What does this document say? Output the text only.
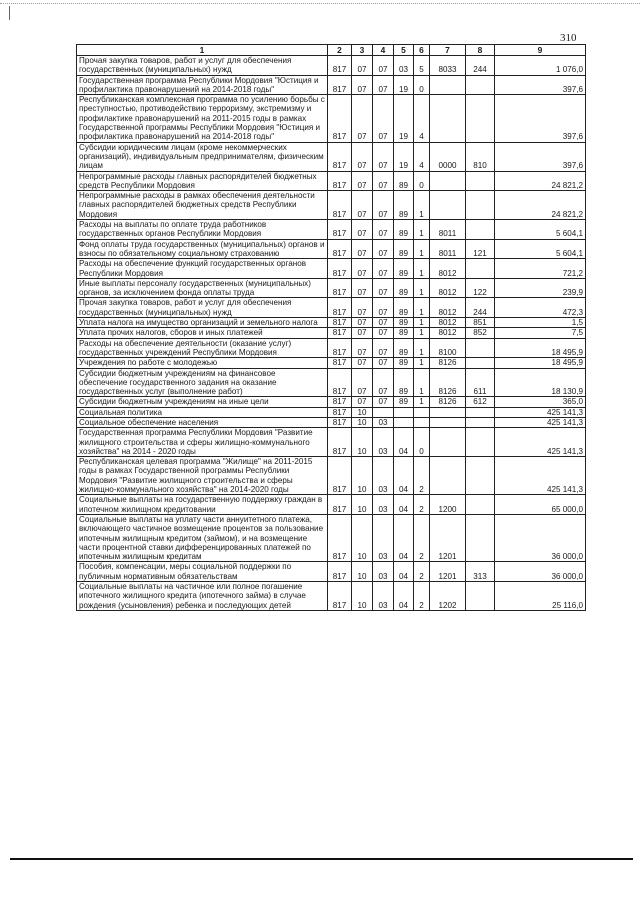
310
1	2	3	4	5	6	7	8	9
Прочая закупка товаров, работ и услуг для обеспечения государственных (муниципальных) нужд	817	07	07	03	5	8033	244	1 076,0
Государственная программа Республики Мордовия "Юстиция и профилактика правонарушений на 2014-2018 годы"	817	07	07	19	0			397,6
Республиканская комплексная программа по усилению борьбы с преступностью, противодействию терроризму, экстремизму и профилактике правонарушений на 2011-2015 годы в рамках Государственной программы Республики Мордовия "Юстиция и профилактика правонарушений на 2014-2018 годы"	817	07	07	19	4			397,6
Субсидии юридическим лицам (кроме некоммерческих организаций), индивидуальным предпринимателям, физическим лицам	817	07	07	19	4	0000	810	397,6
Непрограммные расходы главных распорядителей бюджетных средств Республики Мордовия	817	07	07	89	0			24 821,2
Непрограммные расходы в рамках обеспечения деятельности главных распорядителей бюджетных средств Республики Мордовия	817	07	07	89	1			24 821,2
Расходы на выплаты по оплате труда работников государственных органов Республики Мордовия	817	07	07	89	1	8011		5 604,1
Фонд оплаты труда государственных (муниципальных) органов и взносы по обязательному социальному страхованию	817	07	07	89	1	8011	121	5 604,1
Расходы на обеспечение функций государственных органов Республики Мордовия	817	07	07	89	1	8012		721,2
Иные выплаты персоналу государственных (муниципальных) органов, за исключением фонда оплаты труда	817	07	07	89	1	8012	122	239,9
Прочая закупка товаров, работ и услуг для обеспечения государственных (муниципальных) нужд	817	07	07	89	1	8012	244	472,3
Уплата налога на имущество организаций и земельного налога	817	07	07	89	1	8012	851	1,5
Уплата прочих налогов, сборов и иных платежей	817	07	07	89	1	8012	852	7,5
Расходы на обеспечение деятельности (оказание услуг) государственных учреждений Республики Мордовия	817	07	07	89	1	8100		18 495,9
Учреждения по работе с молодежью	817	07	07	89	1	8126		18 495,9
Субсидии бюджетным учреждениям на финансовое обеспечение государственного задания на оказание государственных услуг (выполнение работ)	817	07	07	89	1	8126	611	18 130,9
Субсидии бюджетным учреждениям на иные цели	817	07	07	89	1	8126	612	365,0
Социальная политика	817	10						425 141,3
Социальное обеспечение населения	817	10	03					425 141,3
Государственная программа Республики Мордовия "Развитие жилищного строительства и сферы жилищно-коммунального хозяйства" на 2014 - 2020 годы	817	10	03	04	0			425 141,3
Республиканская целевая программа "Жилище" на 2011-2015 годы в рамках Государственной программы Республики Мордовия "Развитие жилищного строительства и сферы жилищно-коммунального хозяйства" на 2014-2020 годы	817	10	03	04	2			425 141,3
Социальные выплаты на государственную поддержку граждан в ипотечном жилищном кредитовании	817	10	03	04	2	1200		65 000,0
Социальные выплаты на уплату части аннуитетного платежа, включающего частичное возмещение процентов за пользование ипотечным жилищным кредитом (займом), и на возмещение части процентной ставки дифференцированных платежей по ипотечным жилищным кредитам	817	10	03	04	2	1201		36 000,0
Пособия, компенсации, меры социальной поддержки по публичным нормативным обязательствам	817	10	03	04	2	1201	313	36 000,0
Социальные выплаты на частичное или полное погашение ипотечного жилищного кредита (ипотечного займа) в случае рождения (усыновления) ребенка и последующих детей	817	10	03	04	2	1202		25 116,0
